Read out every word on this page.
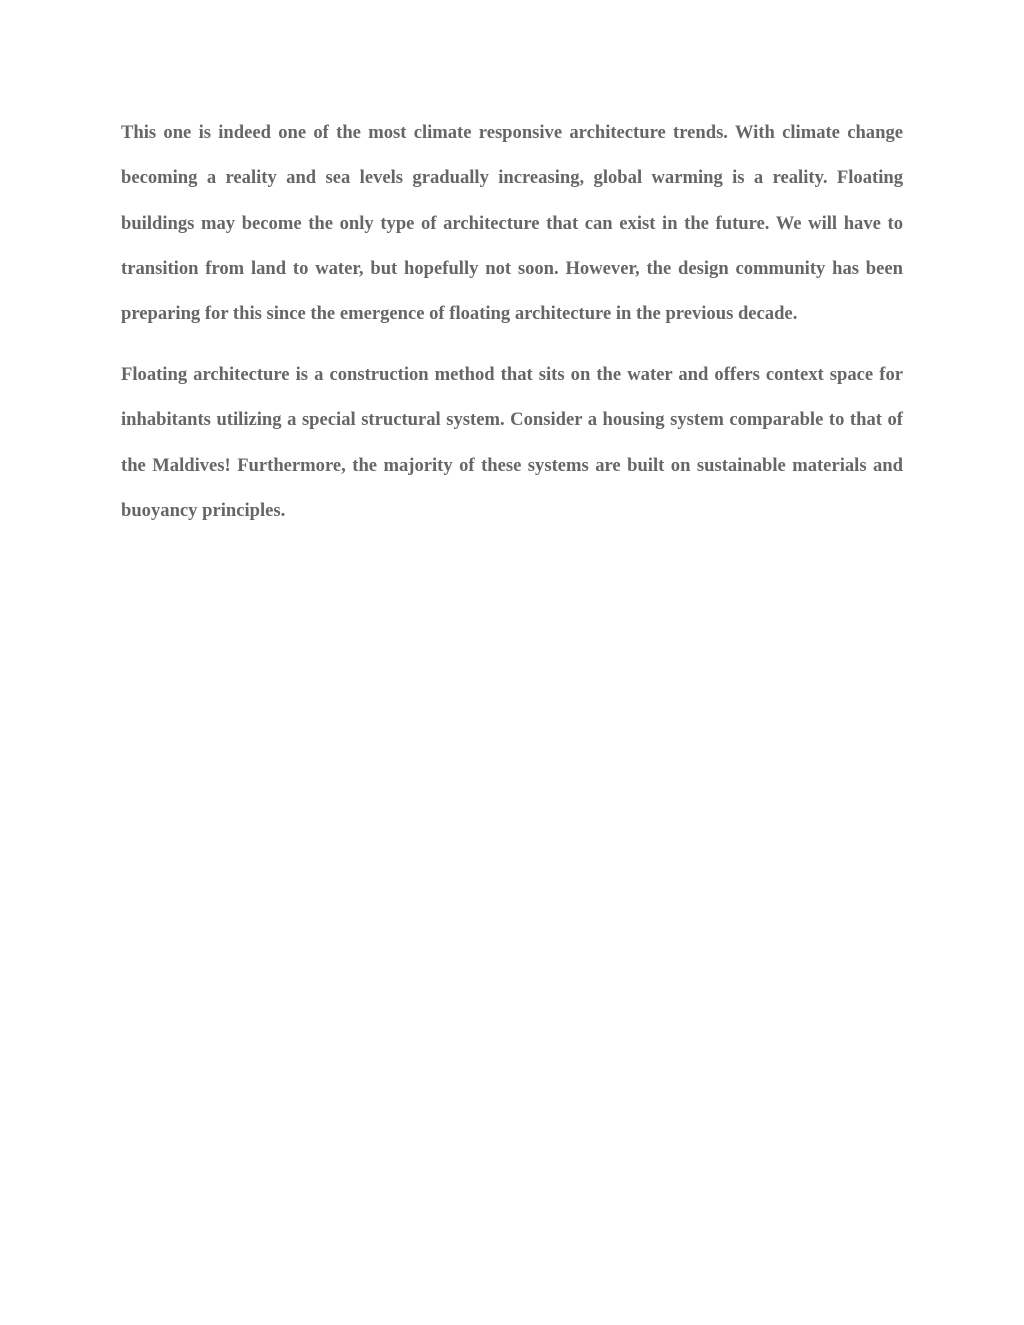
This one is indeed one of the most climate responsive architecture trends. With climate change becoming a reality and sea levels gradually increasing, global warming is a reality. Floating buildings may become the only type of architecture that can exist in the future. We will have to transition from land to water, but hopefully not soon. However, the design community has been preparing for this since the emergence of floating architecture in the previous decade.

Floating architecture is a construction method that sits on the water and offers context space for inhabitants utilizing a special structural system. Consider a housing system comparable to that of the Maldives! Furthermore, the majority of these systems are built on sustainable materials and buoyancy principles.
